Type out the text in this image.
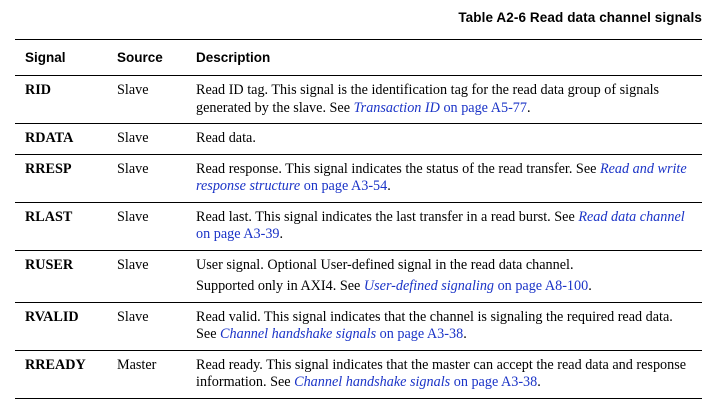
Table A2-6 Read data channel signals
Signal	Source	Description
RID	Slave	Read ID tag. This signal is the identification tag for the read data group of signals generated by the slave. See Transaction ID on page A5-77.
RDATA	Slave	Read data.
RRESP	Slave	Read response. This signal indicates the status of the read transfer. See Read and write response structure on page A3-54.
RLAST	Slave	Read last. This signal indicates the last transfer in a read burst. See Read data channel on page A3-39.
RUSER	Slave	User signal. Optional User-defined signal in the read data channel.
Supported only in AXI4. See User-defined signaling on page A8-100.

RVALID	Slave	Read valid. This signal indicates that the channel is signaling the required read data. See Channel handshake signals on page A3-38.
RREADY	Master	Read ready. This signal indicates that the master can accept the read data and response information. See Channel handshake signals on page A3-38.
